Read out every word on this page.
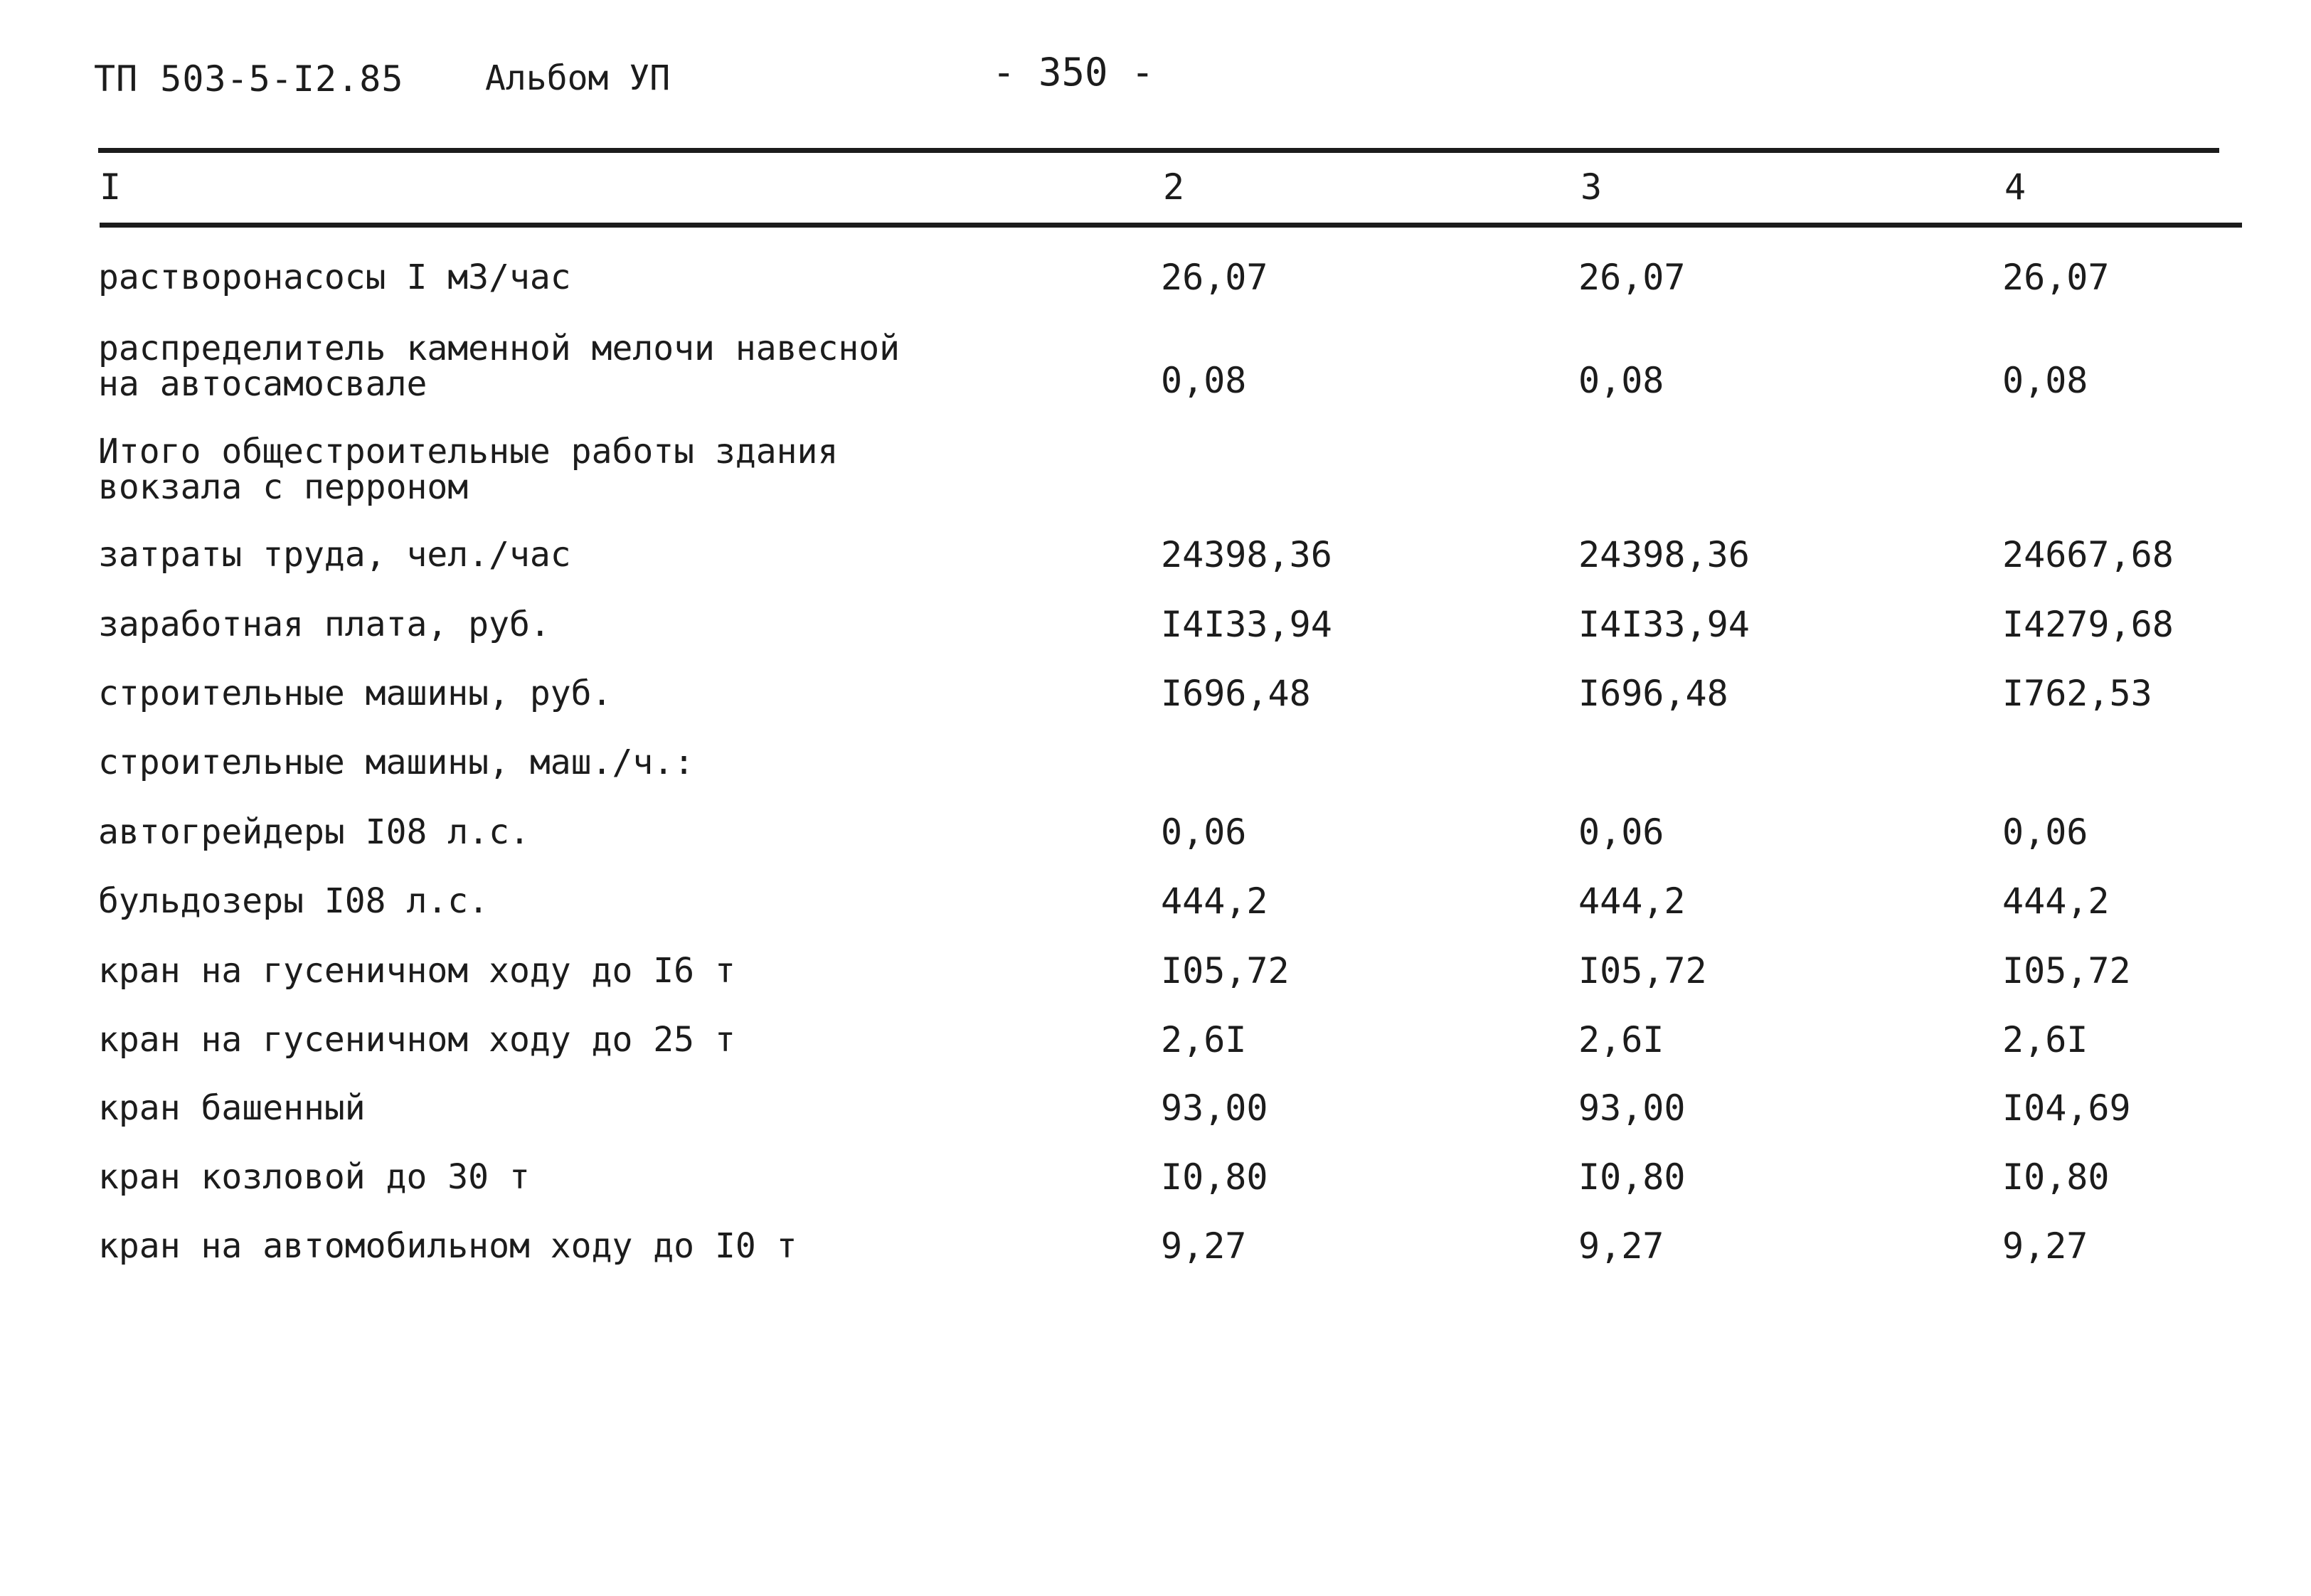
ТП 503-5-I2.85 Альбом УП	- 350 -
I	2	3	4
растворонасосы I м3/час	26,07	26,07	26,07
распределитель каменной мелочи навесной
на автосамосвале	0,08	0,08	0,08
Итого общестроительные работы здания
вокзала с перроном
затраты труда, чел./час	24398,36	24398,36	24667,68
заработная плата, руб.	I4I33,94	I4I33,94	I4279,68
строительные машины, руб.	I696,48	I696,48	I762,53
строительные машины, маш./ч.:
автогрейдеры I08 л.с.	0,06	0,06	0,06
бульдозеры I08 л.с.	444,2	444,2	444,2
кран на гусеничном ходу до I6 т	I05,72	I05,72	I05,72
кран на гусеничном ходу до 25 т	2,6I	2,6I	2,6I
кран башенный	93,00	93,00	I04,69
кран козловой до 30 т	I0,80	I0,80	I0,80
кран на автомобильном ходу до I0 т	9,27	9,27	9,27
